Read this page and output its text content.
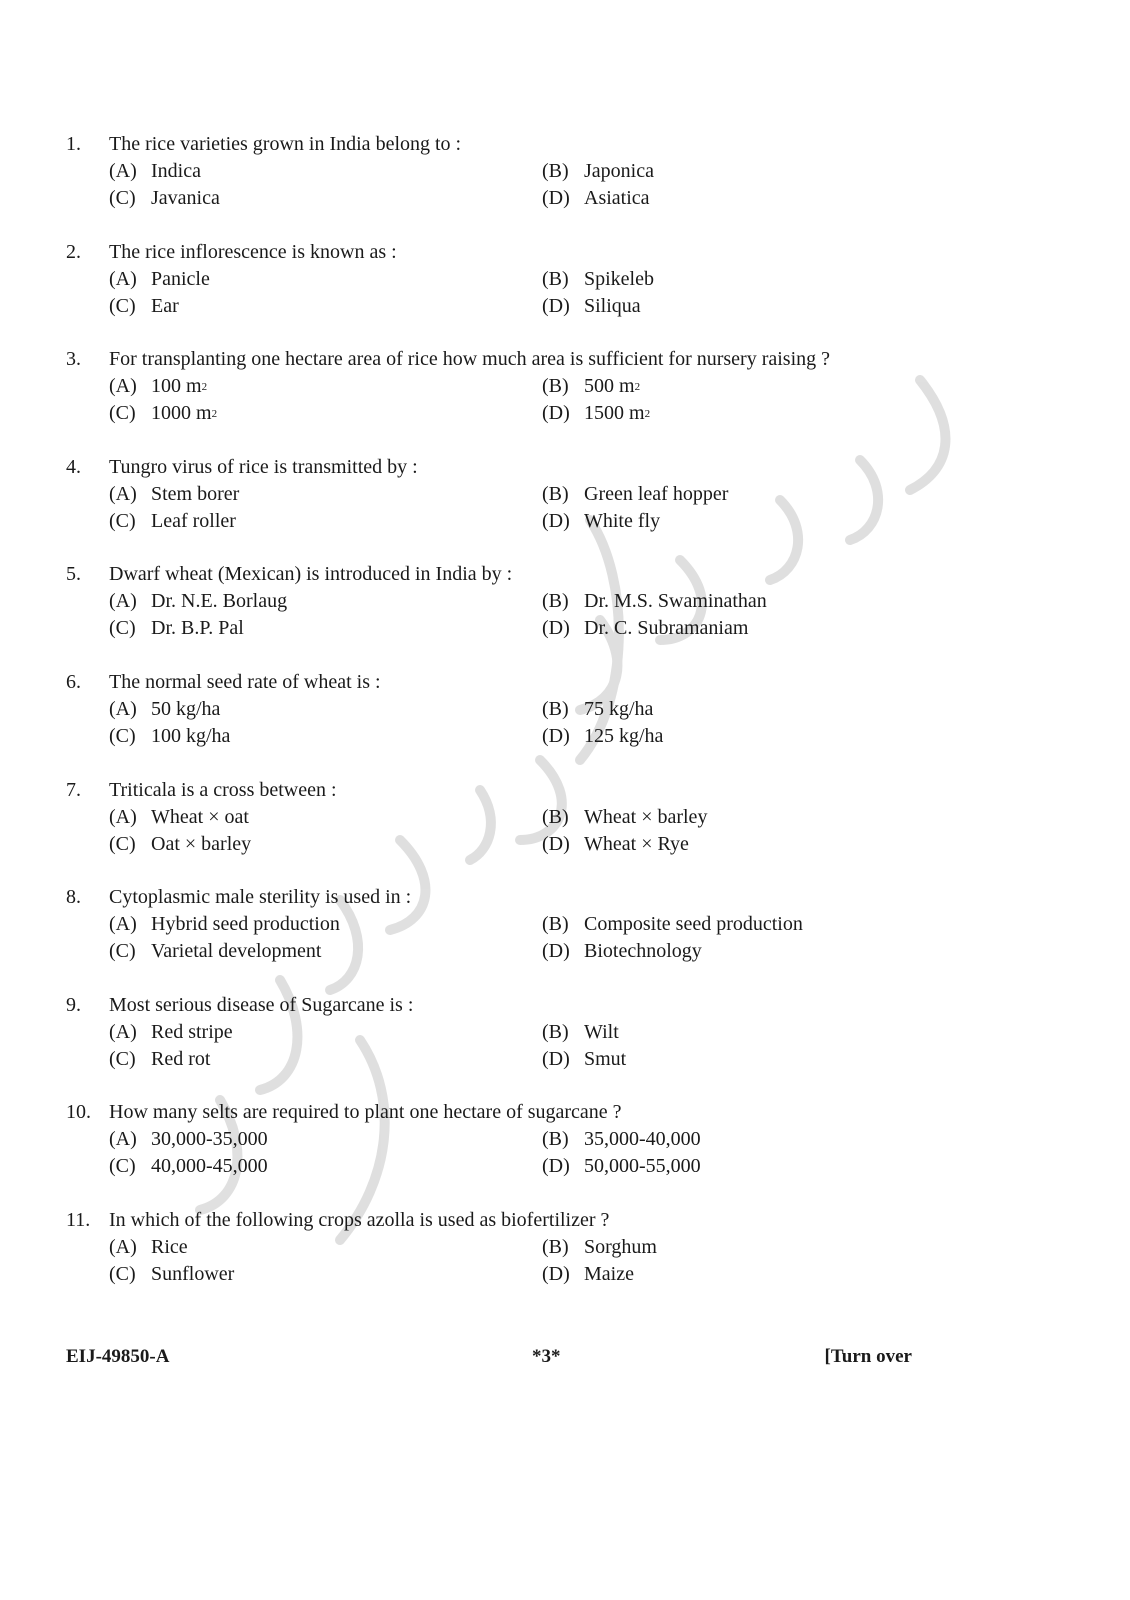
1.	The rice varieties grown in India belong to :
(A) Indica	(B) Japonica
(C) Javanica	(D) Asiatica
2.	The rice inflorescence is known as :
(A) Panicle	(B) Spikeleb
(C) Ear	(D) Siliqua
3.	For transplanting one hectare area of rice how much area is sufficient for nursery raising ?
(A) 100 m 2	(B) 500 m 2
(C) 1000 m 2	(D) 1500 m 2
4.	Tungro virus of rice is transmitted by :
(A) Stem borer	(B) Green leaf hopper
(C) Leaf roller	(D) White fly
5.	Dwarf wheat (Mexican) is introduced in India by :
(A) Dr. N.E. Borlaug	(B) Dr. M.S. Swaminathan
(C) Dr. B.P. Pal	(D) Dr. C. Subramaniam
6.	The normal seed rate of wheat is :
(A) 50 kg/ha	(B) 75 kg/ha
(C) 100 kg/ha	(D) 125 kg/ha
7.	Triticala is a cross between :
(A) Wheat × oat	(B) Wheat × barley
(C) Oat × barley	(D) Wheat × Rye
8.	Cytoplasmic male sterility is used in :
(A) Hybrid seed production	(B) Composite seed production
(C) Varietal development	(D) Biotechnology
9.	Most serious disease of Sugarcane is :
(A) Red stripe	(B) Wilt
(C) Red rot	(D) Smut
10. How many selts are required to plant one hectare of sugarcane ?
(A) 30,000-35,000	(B) 35,000-40,000
(C) 40,000-45,000	(D) 50,000-55,000
11. In which of the following crops azolla is used as biofertilizer ?
(A) Rice	(B) Sorghum
(C) Sunflower	(D) Maize
EIJ-49850-A	*3*	[Turn over
